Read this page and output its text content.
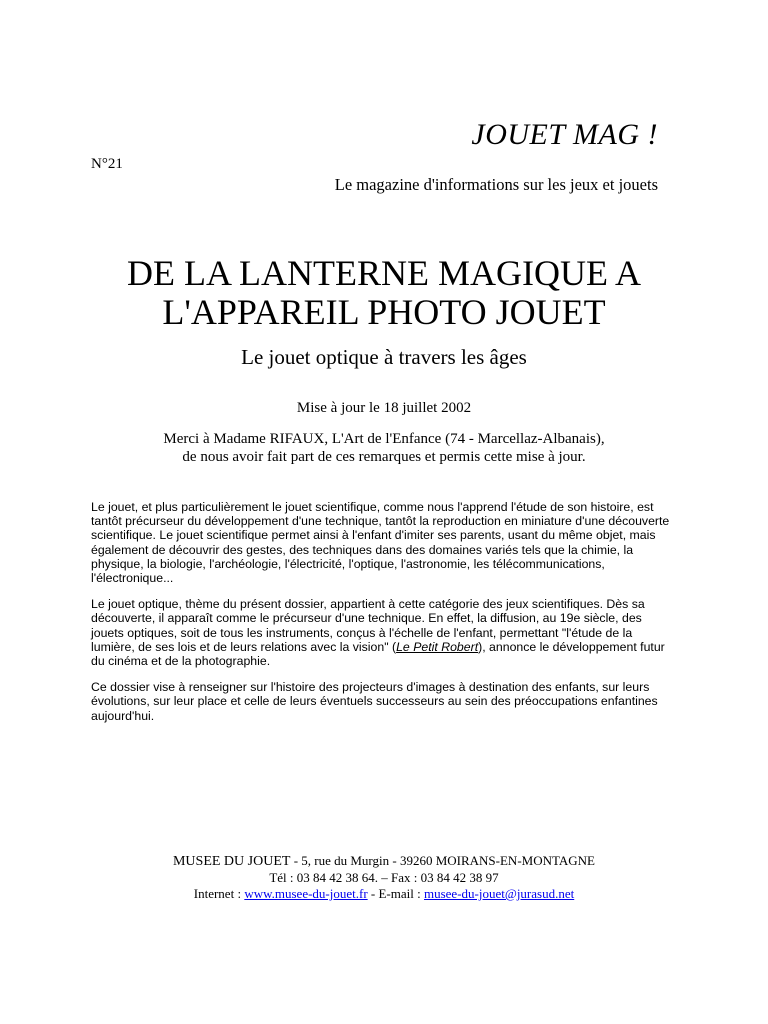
JOUET MAG !
N°21
Le magazine d'informations sur les jeux et jouets
DE LA LANTERNE MAGIQUE A
L'APPAREIL PHOTO JOUET
Le jouet optique à travers les âges
Mise à jour le 18 juillet 2002
Merci à Madame RIFAUX, L'Art de l'Enfance (74 - Marcellaz-Albanais),
de nous avoir fait part de ces remarques et permis cette mise à jour.

Le jouet, et plus particulièrement le jouet scientifique, comme nous l'apprend l'étude de son histoire, est tantôt précurseur du développement d'une technique, tantôt la reproduction en miniature d'une découverte scientifique. Le jouet scientifique permet ainsi à l'enfant d'imiter ses parents, usant du même objet, mais également de découvrir des gestes, des techniques dans des domaines variés tels que la chimie, la physique, la biologie, l'archéologie, l'électricité, l'optique, l'astronomie, les télécommunications, l'électronique...

Le jouet optique, thème du présent dossier, appartient à cette catégorie des jeux scientifiques. Dès sa découverte, il apparaît comme le précurseur d'une technique. En effet, la diffusion, au 19e siècle, des jouets optiques, soit de tous les instruments, conçus à l'échelle de l'enfant, permettant "l'étude de la lumière, de ses lois et de leurs relations avec la vision" (Le Petit Robert), annonce le développement futur du cinéma et de la photographie.

Ce dossier vise à renseigner sur l'histoire des projecteurs d'images à destination des enfants, sur leurs évolutions, sur leur place et celle de leurs éventuels successeurs au sein des préoccupations enfantines aujourd'hui.

MUSEE DU JOUET - 5, rue du Murgin - 39260 MOIRANS-EN-MONTAGNE
Tél : 03 84 42 38 64. – Fax : 03 84 42 38 97
Internet : www.musee-du-jouet.fr - E-mail : musee-du-jouet@jurasud.net
